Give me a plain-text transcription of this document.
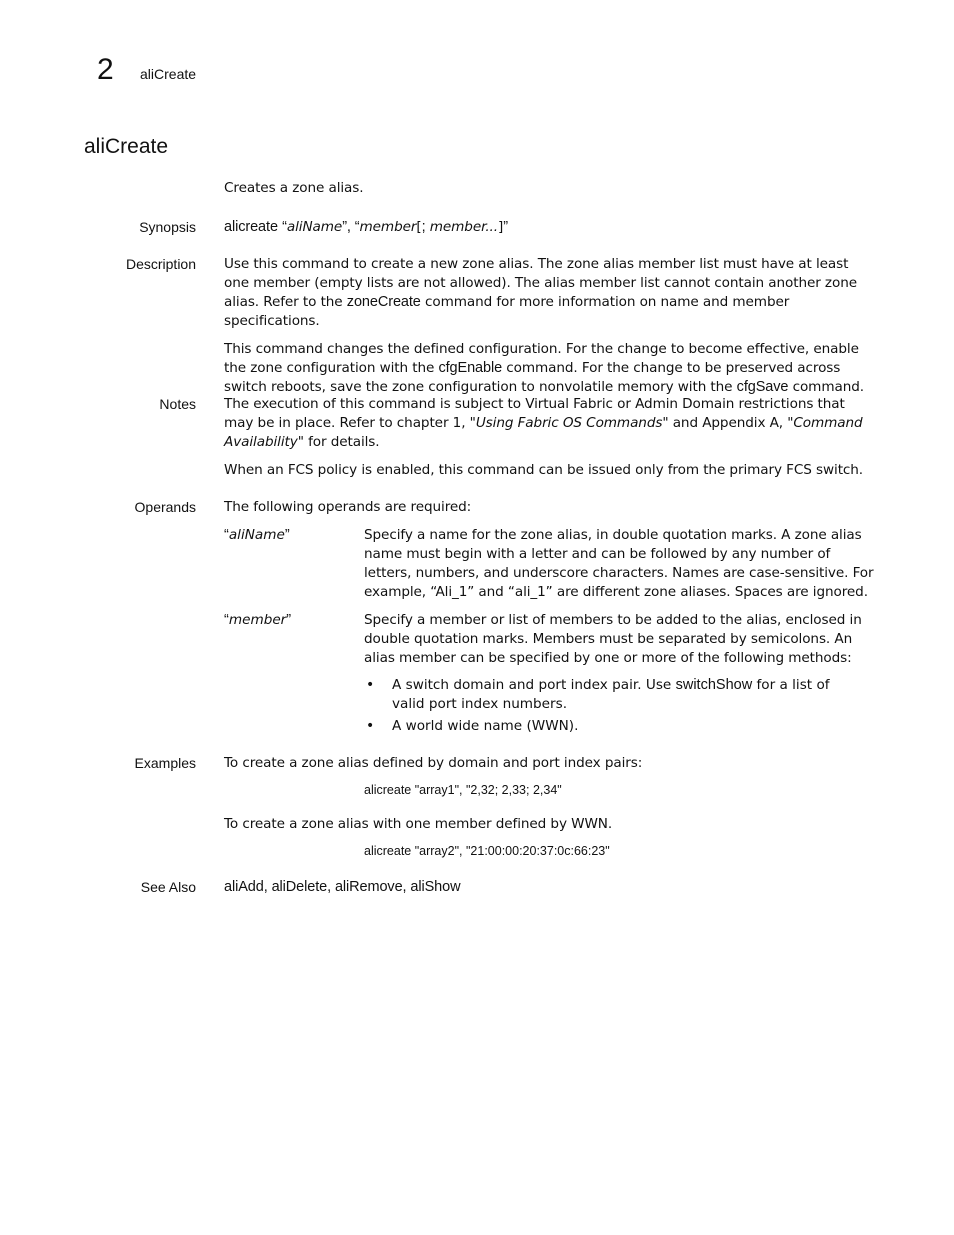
2 aliCreate
aliCreate
Creates a zone alias.
Synopsis alicreate “aliName”, “member[; member...]”
Description Use this command to create a new zone alias. The zone alias member list must have at least one member (empty lists are not allowed). The alias member list cannot contain another zone alias. Refer to the zoneCreate command for more information on name and member specifications.

This command changes the defined configuration. For the change to become effective, enable the zone configuration with the cfgEnable command. For the change to be preserved across switch reboots, save the zone configuration to nonvolatile memory with the cfgSave command.

Notes The execution of this command is subject to Virtual Fabric or Admin Domain restrictions that may be in place. Refer to chapter 1, "Using Fabric OS Commands" and Appendix A, "Command Availability" for details.

When an FCS policy is enabled, this command can be issued only from the primary FCS switch.

Operands The following operands are required:
“aliName”	Specify a name for the zone alias, in double quotation marks. A zone alias name must begin with a letter and can be followed by any number of letters, numbers, and underscore characters. Names are case-sensitive. For example, “Ali_1” and “ali_1” are different zone aliases. Spaces are ignored.
“member”	Specify a member or list of members to be added to the alias, enclosed in double quotation marks. Members must be separated by semicolons. An alias member can be specified by one or more of the following methods:
• A switch domain and port index pair. Use switchShow for a list of valid port index numbers.
• A world wide name (WWN).
Examples To create a zone alias defined by domain and port index pairs:
alicreate "array1", "2,32; 2,33; 2,34"
To create a zone alias with one member defined by WWN.
alicreate "array2", "21:00:00:20:37:0c:66:23"
See Also aliAdd, aliDelete, aliRemove, aliShow
